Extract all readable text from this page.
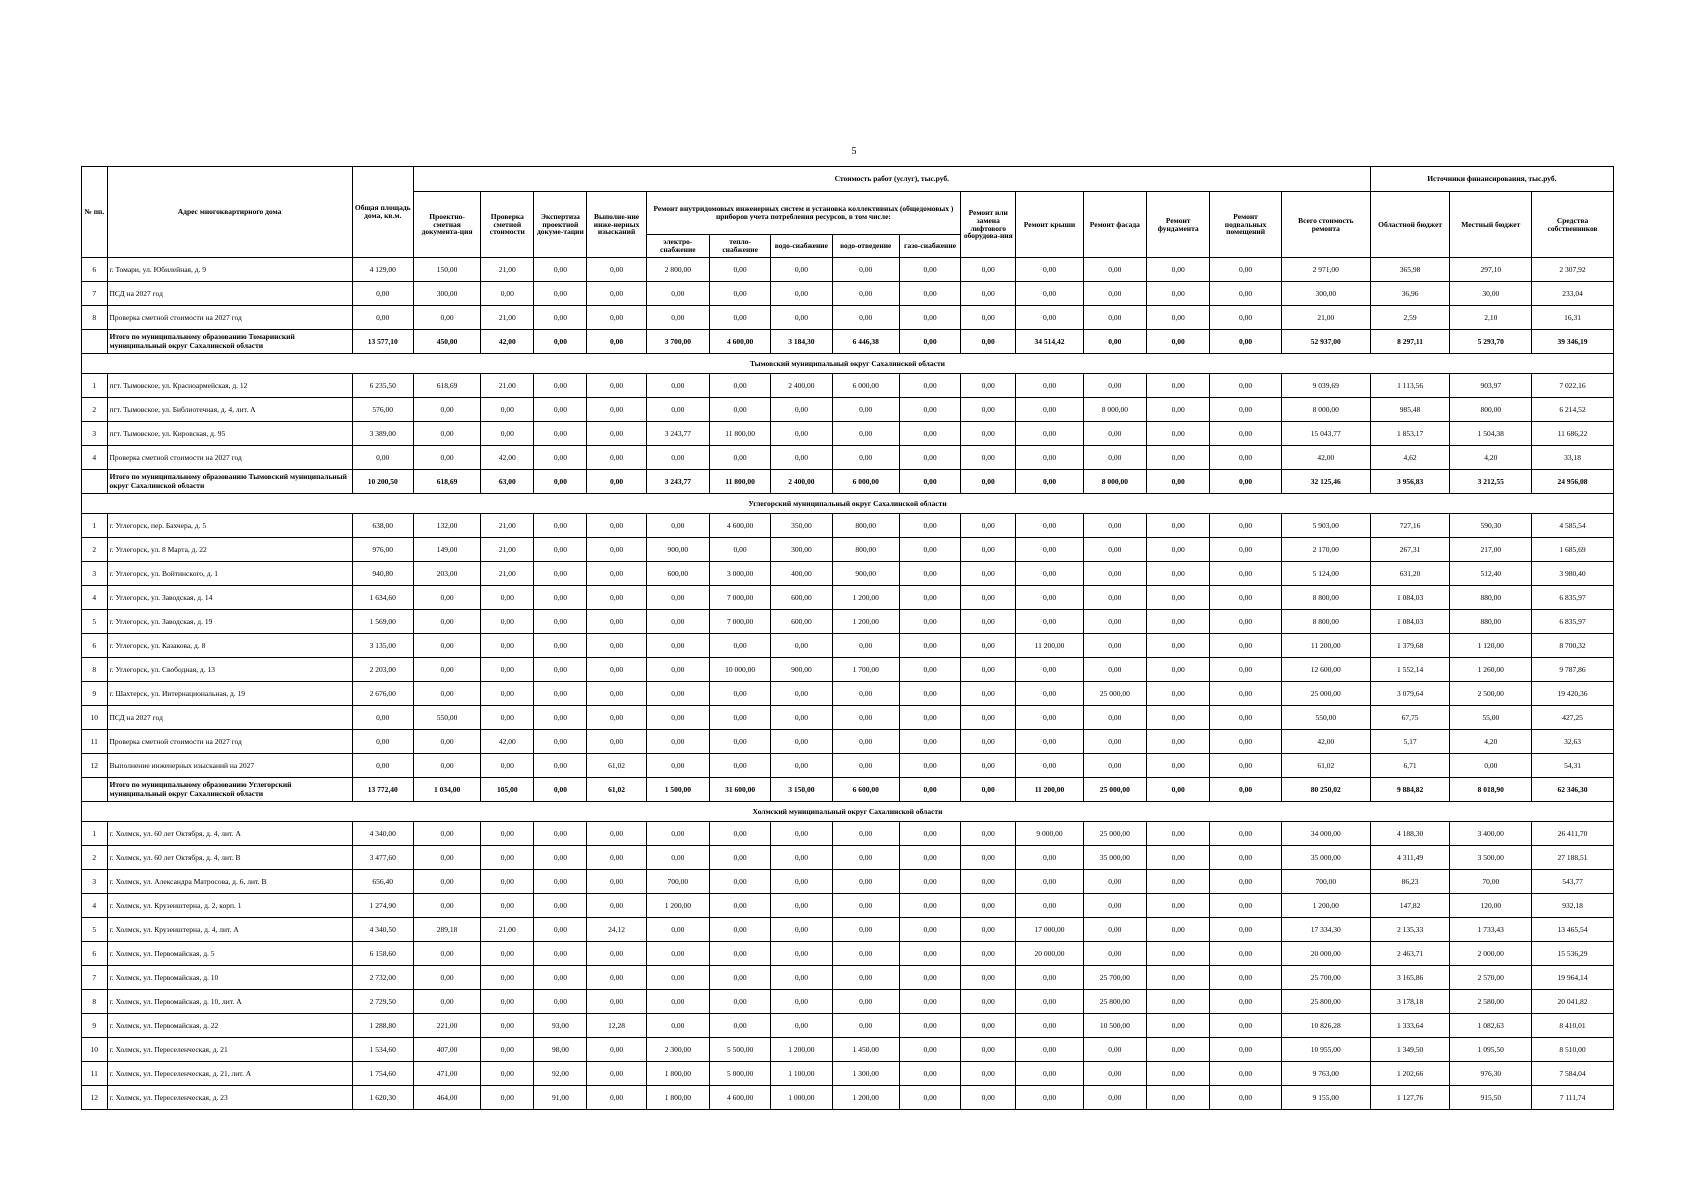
5
№ пп.	Адрес многоквартирного дома	Общая площадь дома, кв.м.	Стоимость работ (услуг), тыс.руб.															Источники финансирования, тыс.руб.		
			Проектно-сметная документа-ция	Проверка сметной стоимости	Экспертиза проектной докуме-тации	Выполне-ние инже-нерных изысканий	Ремонт внутридомовых инженерных систем и установка коллективных (общедомовых ) приборов учета потребления ресурсов, в том числе:					Ремонт или замена лифтового оборудова-ния	Ремонт крыши	Ремонт фасада	Ремонт фундамента	Ремонт подвальных помещений	Всего стоимость ремонта	Областной бюджет	Местный бюджет	Средства собственников
							электро-снабжение	тепло-снабжение	водо-снабжение	водо-отведение	газо-снабжение									
6	г. Томари, ул. Юбилейная, д. 9	4 129,00	150,00	21,00	0,00	0,00	2 800,00	0,00	0,00	0,00	0,00	0,00	0,00	0,00	0,00	0,00	2 971,00	365,98	297,10	2 307,92
7	ПСД на 2027 год	0,00	300,00	0,00	0,00	0,00	0,00	0,00	0,00	0,00	0,00	0,00	0,00	0,00	0,00	0,00	300,00	36,96	30,00	233,04
8	Проверка сметной стоимости на 2027 год	0,00	0,00	21,00	0,00	0,00	0,00	0,00	0,00	0,00	0,00	0,00	0,00	0,00	0,00	0,00	21,00	2,59	2,10	16,31
	Итого по муниципальному образованию Томаринский муниципальный округ Сахалинской области	13 577,10	450,00	42,00	0,00	0,00	3 700,00	4 600,00	3 184,30	6 446,38	0,00	0,00	34 514,42	0,00	0,00	0,00	52 937,00	8 297,11	5 293,70	39 346,19
Тымовский муниципальный округ Сахалинской области																				
1	пгт. Тымовское, ул. Красноармейская, д. 12	6 235,50	618,69	21,00	0,00	0,00	0,00	0,00	2 400,00	6 000,00	0,00	0,00	0,00	0,00	0,00	0,00	9 039,69	1 113,56	903,97	7 022,16
2	пгт. Тымовское, ул. Библиотечная, д. 4, лит. А	576,00	0,00	0,00	0,00	0,00	0,00	0,00	0,00	0,00	0,00	0,00	0,00	8 000,00	0,00	0,00	8 000,00	985,48	800,00	6 214,52
3	пгт. Тымовское, ул. Кировская, д. 95	3 389,00	0,00	0,00	0,00	0,00	3 243,77	11 800,00	0,00	0,00	0,00	0,00	0,00	0,00	0,00	0,00	15 043,77	1 853,17	1 504,38	11 686,22
4	Проверка сметной стоимости на 2027 год	0,00	0,00	42,00	0,00	0,00	0,00	0,00	0,00	0,00	0,00	0,00	0,00	0,00	0,00	0,00	42,00	4,62	4,20	33,18
	Итого по муниципальному образованию Тымовский муниципальный округ Сахалинской области	10 200,50	618,69	63,00	0,00	0,00	3 243,77	11 800,00	2 400,00	6 000,00	0,00	0,00	0,00	8 000,00	0,00	0,00	32 125,46	3 956,83	3 212,55	24 956,08
Углегорский муниципальный округ Сахалинской области																				
1	г. Углегорск, пер. Бахчера, д. 5	638,00	132,00	21,00	0,00	0,00	0,00	4 600,00	350,00	800,00	0,00	0,00	0,00	0,00	0,00	0,00	5 903,00	727,16	590,30	4 585,54
2	г. Углегорск, ул. 8 Марта, д. 22	976,00	149,00	21,00	0,00	0,00	900,00	0,00	300,00	800,00	0,00	0,00	0,00	0,00	0,00	0,00	2 170,00	267,31	217,00	1 685,69
3	г. Углегорск, ул. Войтинского, д. 1	940,80	203,00	21,00	0,00	0,00	600,00	3 000,00	400,00	900,00	0,00	0,00	0,00	0,00	0,00	0,00	5 124,00	631,20	512,40	3 980,40
4	г. Углегорск, ул. Заводская, д. 14	1 634,60	0,00	0,00	0,00	0,00	0,00	7 000,00	600,00	1 200,00	0,00	0,00	0,00	0,00	0,00	0,00	8 800,00	1 084,03	880,00	6 835,97
5	г. Углегорск, ул. Заводская, д. 19	1 569,00	0,00	0,00	0,00	0,00	0,00	7 000,00	600,00	1 200,00	0,00	0,00	0,00	0,00	0,00	0,00	8 800,00	1 084,03	880,00	6 835,97
6	г. Углегорск, ул. Казакова, д. 8	3 135,00	0,00	0,00	0,00	0,00	0,00	0,00	0,00	0,00	0,00	0,00	11 200,00	0,00	0,00	0,00	11 200,00	1 379,68	1 120,00	8 700,32
8	г. Углегорск, ул. Свободная, д. 13	2 203,00	0,00	0,00	0,00	0,00	0,00	10 000,00	900,00	1 700,00	0,00	0,00	0,00	0,00	0,00	0,00	12 600,00	1 552,14	1 260,00	9 787,86
9	г. Шахтерск, ул. Интернациональная, д. 19	2 676,00	0,00	0,00	0,00	0,00	0,00	0,00	0,00	0,00	0,00	0,00	0,00	25 000,00	0,00	0,00	25 000,00	3 079,64	2 500,00	19 420,36
10	ПСД на 2027 год	0,00	550,00	0,00	0,00	0,00	0,00	0,00	0,00	0,00	0,00	0,00	0,00	0,00	0,00	0,00	550,00	67,75	55,00	427,25
11	Проверка сметной стоимости на 2027 год	0,00	0,00	42,00	0,00	0,00	0,00	0,00	0,00	0,00	0,00	0,00	0,00	0,00	0,00	0,00	42,00	5,17	4,20	32,63
12	Выполнение инженерных изысканий на 2027	0,00	0,00	0,00	0,00	61,02	0,00	0,00	0,00	0,00	0,00	0,00	0,00	0,00	0,00	0,00	61,02	6,71	0,00	54,31
	Итого по муниципальному образованию Углегорский муниципальный округ Сахалинской области	13 772,40	1 034,00	105,00	0,00	61,02	1 500,00	31 600,00	3 150,00	6 600,00	0,00	0,00	11 200,00	25 000,00	0,00	0,00	80 250,02	9 884,82	8 018,90	62 346,30
Холмский муниципальный округ Сахалинской области																				
1	г. Холмск, ул. 60 лет Октября, д. 4, лит. А	4 340,00	0,00	0,00	0,00	0,00	0,00	0,00	0,00	0,00	0,00	0,00	9 000,00	25 000,00	0,00	0,00	34 000,00	4 188,30	3 400,00	26 411,70
2	г. Холмск, ул. 60 лет Октября, д. 4, лит. В	3 477,60	0,00	0,00	0,00	0,00	0,00	0,00	0,00	0,00	0,00	0,00	0,00	35 000,00	0,00	0,00	35 000,00	4 311,49	3 500,00	27 188,51
3	г. Холмск, ул. Александра Матросова, д. 6, лит. В	656,40	0,00	0,00	0,00	0,00	700,00	0,00	0,00	0,00	0,00	0,00	0,00	0,00	0,00	0,00	700,00	86,23	70,00	543,77
4	г. Холмск, ул. Крузенштерна, д. 2, корп. 1	1 274,90	0,00	0,00	0,00	0,00	1 200,00	0,00	0,00	0,00	0,00	0,00	0,00	0,00	0,00	0,00	1 200,00	147,82	120,00	932,18
5	г. Холмск, ул. Крузенштерна, д. 4, лит. А	4 340,50	289,18	21,00	0,00	24,12	0,00	0,00	0,00	0,00	0,00	0,00	17 000,00	0,00	0,00	0,00	17 334,30	2 135,33	1 733,43	13 465,54
6	г. Холмск, ул. Первомайская, д. 5	6 158,60	0,00	0,00	0,00	0,00	0,00	0,00	0,00	0,00	0,00	0,00	20 000,00	0,00	0,00	0,00	20 000,00	2 463,71	2 000,00	15 536,29
7	г. Холмск, ул. Первомайская, д. 10	2 732,00	0,00	0,00	0,00	0,00	0,00	0,00	0,00	0,00	0,00	0,00	0,00	25 700,00	0,00	0,00	25 700,00	3 165,86	2 570,00	19 964,14
8	г. Холмск, ул. Первомайская, д. 10, лит. А	2 729,50	0,00	0,00	0,00	0,00	0,00	0,00	0,00	0,00	0,00	0,00	0,00	25 800,00	0,00	0,00	25 800,00	3 178,18	2 580,00	20 041,82
9	г. Холмск, ул. Первомайская, д. 22	1 288,80	221,00	0,00	93,00	12,28	0,00	0,00	0,00	0,00	0,00	0,00	0,00	10 500,00	0,00	0,00	10 826,28	1 333,64	1 082,63	8 410,01
10	г. Холмск, ул. Переселенческая, д. 21	1 534,60	407,00	0,00	98,00	0,00	2 300,00	5 500,00	1 200,00	1 450,00	0,00	0,00	0,00	0,00	0,00	0,00	10 955,00	1 349,50	1 095,50	8 510,00
11	г. Холмск, ул. Переселенческая, д. 21, лит. А	1 754,60	471,00	0,00	92,00	0,00	1 800,00	5 000,00	1 100,00	1 300,00	0,00	0,00	0,00	0,00	0,00	0,00	9 763,00	1 202,66	976,30	7 584,04
12	г. Холмск, ул. Переселенческая, д. 23	1 620,30	464,00	0,00	91,00	0,00	1 800,00	4 600,00	1 000,00	1 200,00	0,00	0,00	0,00	0,00	0,00	0,00	9 155,00	1 127,76	915,50	7 111,74
